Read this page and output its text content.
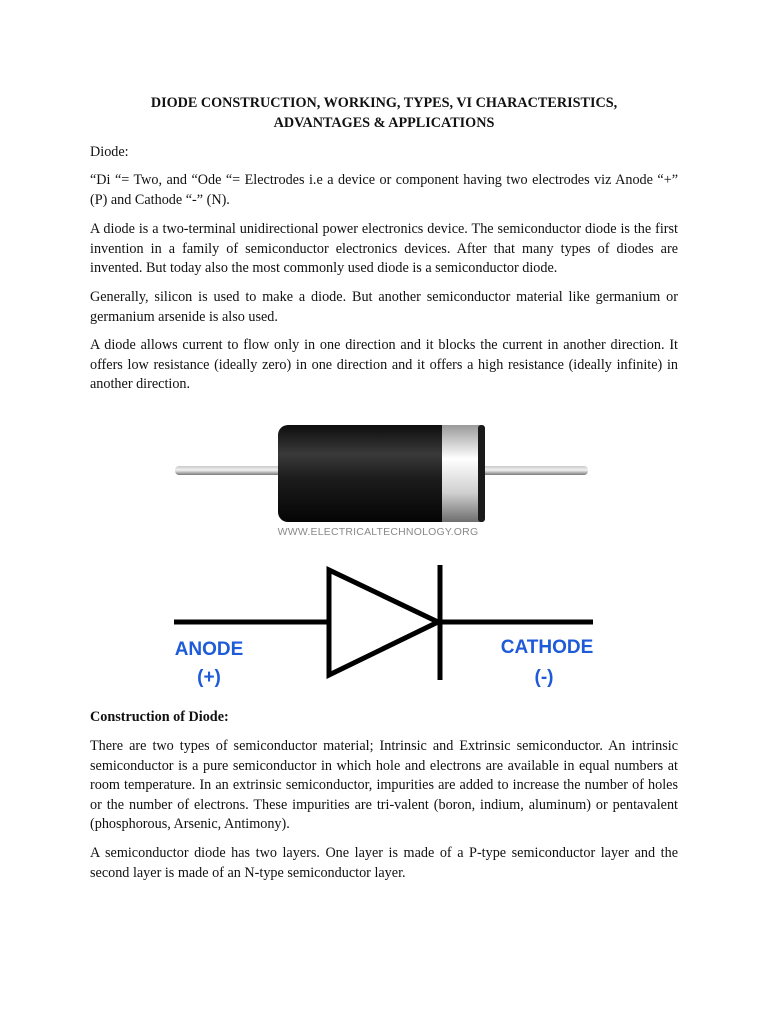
DIODE CONSTRUCTION, WORKING, TYPES, VI CHARACTERISTICS,
ADVANTAGES & APPLICATIONS
Diode:

“Di “= Two, and “Ode “= Electrodes i.e a device or component having two electrodes viz Anode “+” (P) and Cathode “-” (N).

A diode is a two-terminal unidirectional power electronics device. The semiconductor diode is the first invention in a family of semiconductor electronics devices. After that many types of diodes are invented. But today also the most commonly used diode is a semiconductor diode.

Generally, silicon is used to make a diode. But another semiconductor material like germanium or germanium arsenide is also used.

A diode allows current to flow only in one direction and it blocks the current in another direction. It offers low resistance (ideally zero) in one direction and it offers a high resistance (ideally infinite) in another direction.

WWW.ELECTRICALTECHNOLOGY.ORG
ANODE
(+)
CATHODE
(-)
Construction of Diode:

There are two types of semiconductor material; Intrinsic and Extrinsic semiconductor. An intrinsic semiconductor is a pure semiconductor in which hole and electrons are available in equal numbers at room temperature. In an extrinsic semiconductor, impurities are added to increase the number of holes or the number of electrons. These impurities are tri-valent (boron, indium, aluminum) or pentavalent (phosphorous, Arsenic, Antimony).

A semiconductor diode has two layers. One layer is made of a P-type semiconductor layer and the second layer is made of an N-type semiconductor layer.
